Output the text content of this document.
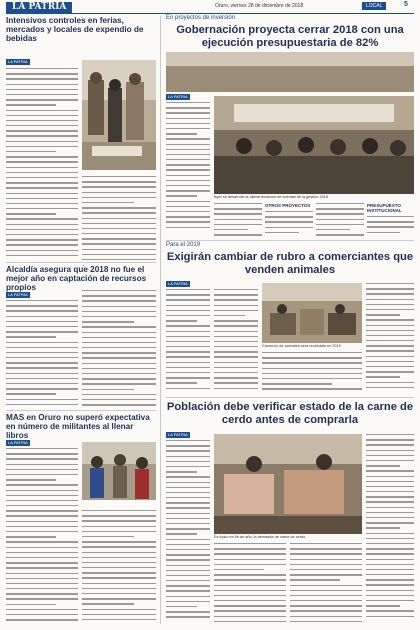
LA PATRIA	Oruro, viernes 28 de diciembre de 2018	LOCAL	5
Intensivos controles en ferias, mercados y locales de expendio de bebidas
LA PATRIA
Alcaldía asegura que 2018 no fue el mejor año en captación de recursos propios
LA PATRIA
MAS en Oruro no superó expectativa en número de militantes al llenar libros
LA PATRIA
En proyectos de inversión
Gobernación proyecta cerrar 2018 con una ejecución presupuestaria de 82%
LA PATRIA
Ayer se desarrolló la última rendición de cuentas de la gestión 2018
OTROS PROYECTOS	PRESUPUESTO INSTITUCIONAL
Para el 2019
Exigirán cambiar de rubro a comerciantes que venden animales
LA PATRIA
Comercio de animales será reubicado en 2019
Población debe verificar estado de la carne de cerdo antes de comprarla
LA PATRIA
Es típico en fin de año, la demanda de carne de cerdo
